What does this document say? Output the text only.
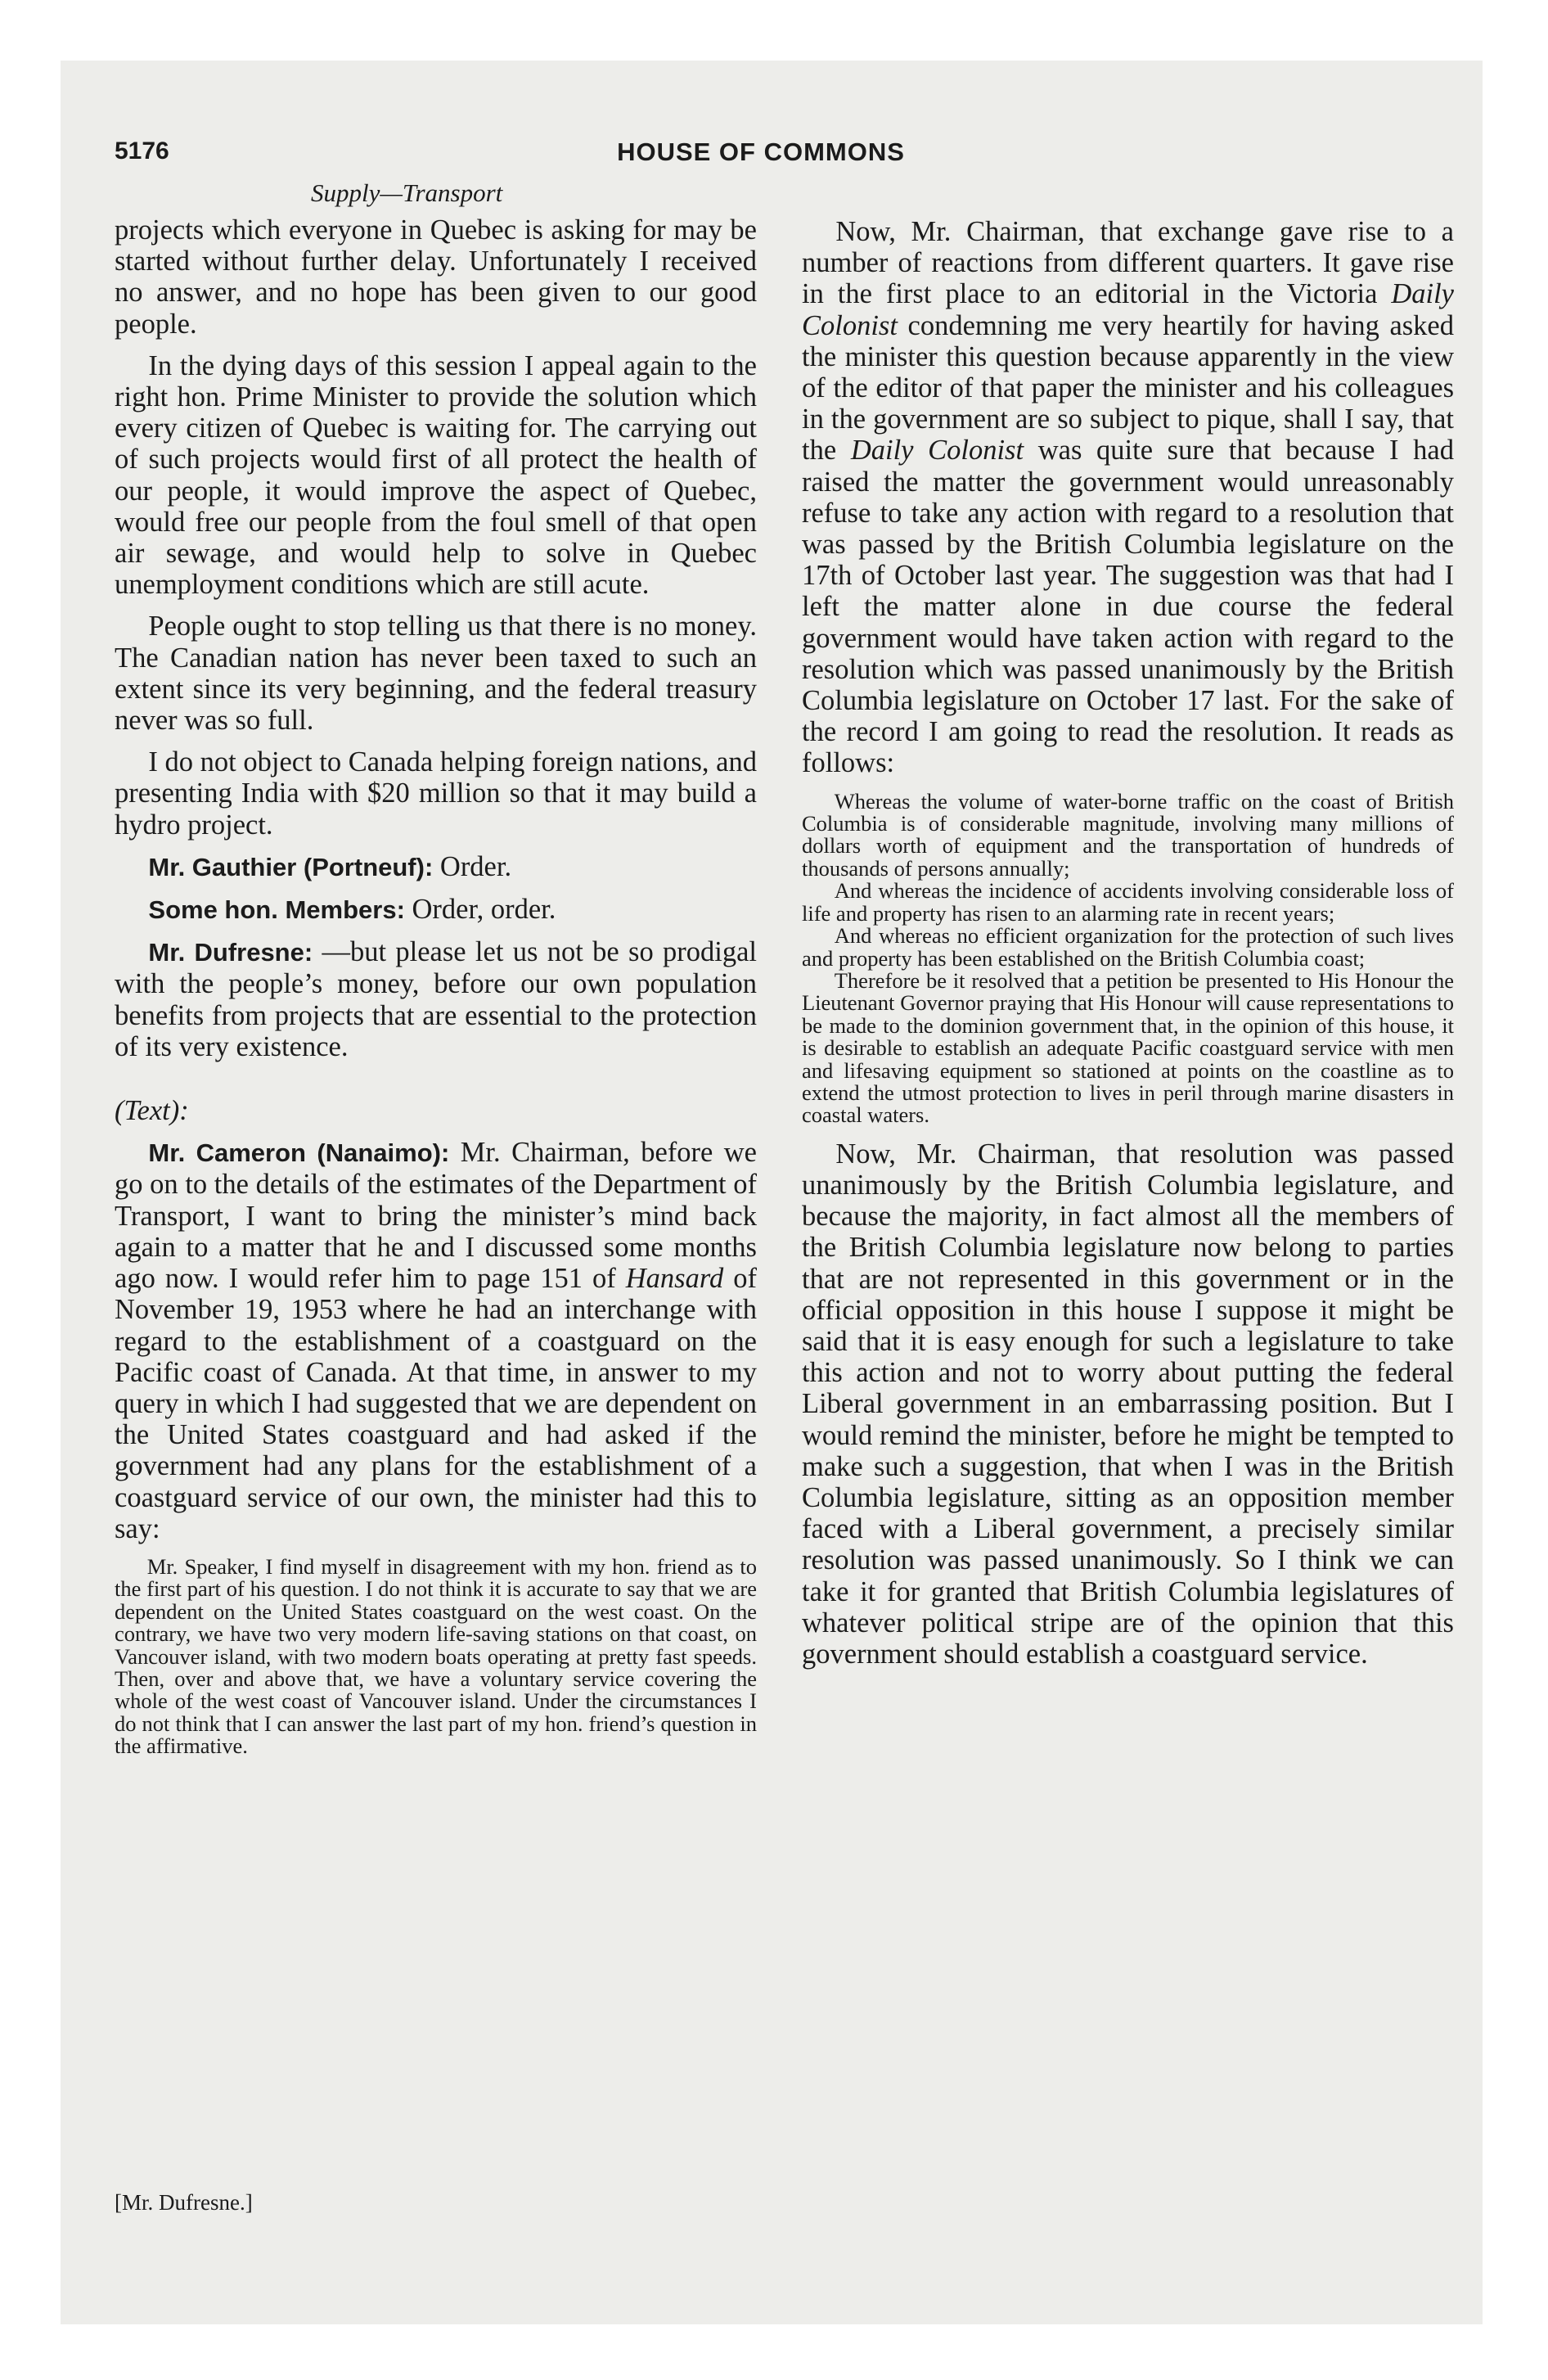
5176	HOUSE OF COMMONS
Supply—Transport

projects which everyone in Quebec is asking for may be started without further delay. Unfortunately I received no answer, and no hope has been given to our good people.

In the dying days of this session I appeal again to the right hon. Prime Minister to provide the solution which every citizen of Quebec is waiting for. The carrying out of such projects would first of all protect the health of our people, it would improve the aspect of Quebec, would free our people from the foul smell of that open air sewage, and would help to solve in Quebec unemployment conditions which are still acute.

People ought to stop telling us that there is no money. The Canadian nation has never been taxed to such an extent since its very beginning, and the federal treasury never was so full.

I do not object to Canada helping foreign nations, and presenting India with $20 million so that it may build a hydro project.

Mr. Gauthier (Portneuf): Order.

Some hon. Members: Order, order.

Mr. Dufresne: —but please let us not be so prodigal with the people’s money, before our own population benefits from projects that are essential to the protection of its very existence.

(Text):

Mr. Cameron (Nanaimo): Mr. Chairman, before we go on to the details of the estimates of the Department of Transport, I want to bring the minister’s mind back again to a matter that he and I discussed some months ago now. I would refer him to page 151 of Hansard of November 19, 1953 where he had an interchange with regard to the establishment of a coastguard on the Pacific coast of Canada. At that time, in answer to my query in which I had suggested that we are dependent on the United States coastguard and had asked if the government had any plans for the establishment of a coastguard service of our own, the minister had this to say:

Mr. Speaker, I find myself in disagreement with my hon. friend as to the first part of his question. I do not think it is accurate to say that we are dependent on the United States coastguard on the west coast. On the contrary, we have two very modern life-saving stations on that coast, on Vancouver island, with two modern boats operating at pretty fast speeds. Then, over and above that, we have a voluntary service covering the whole of the west coast of Vancouver island. Under the circumstances I do not think that I can answer the last part of my hon. friend’s question in the affirmative.

Now, Mr. Chairman, that exchange gave rise to a number of reactions from different quarters. It gave rise in the first place to an editorial in the Victoria Daily Colonist condemning me very heartily for having asked the minister this question because apparently in the view of the editor of that paper the minister and his colleagues in the government are so subject to pique, shall I say, that the Daily Colonist was quite sure that because I had raised the matter the government would unreasonably refuse to take any action with regard to a resolution that was passed by the British Columbia legislature on the 17th of October last year. The suggestion was that had I left the matter alone in due course the federal government would have taken action with regard to the resolution which was passed unanimously by the British Columbia legislature on October 17 last. For the sake of the record I am going to read the resolution. It reads as follows:

Whereas the volume of water-borne traffic on the coast of British Columbia is of considerable magnitude, involving many millions of dollars worth of equipment and the transportation of hundreds of thousands of persons annually;
And whereas the incidence of accidents involving considerable loss of life and property has risen to an alarming rate in recent years;
And whereas no efficient organization for the protection of such lives and property has been established on the British Columbia coast;
Therefore be it resolved that a petition be presented to His Honour the Lieutenant Governor praying that His Honour will cause representations to be made to the dominion government that, in the opinion of this house, it is desirable to establish an adequate Pacific coastguard service with men and lifesaving equipment so stationed at points on the coastline as to extend the utmost protection to lives in peril through marine disasters in coastal waters.

Now, Mr. Chairman, that resolution was passed unanimously by the British Columbia legislature, and because the majority, in fact almost all the members of the British Columbia legislature now belong to parties that are not represented in this government or in the official opposition in this house I suppose it might be said that it is easy enough for such a legislature to take this action and not to worry about putting the federal Liberal government in an embarrassing position. But I would remind the minister, before he might be tempted to make such a suggestion, that when I was in the British Columbia legislature, sitting as an opposition member faced with a Liberal government, a precisely similar resolution was passed unanimously. So I think we can take it for granted that British Columbia legislatures of whatever political stripe are of the opinion that this government should establish a coastguard service.

[Mr. Dufresne.]
